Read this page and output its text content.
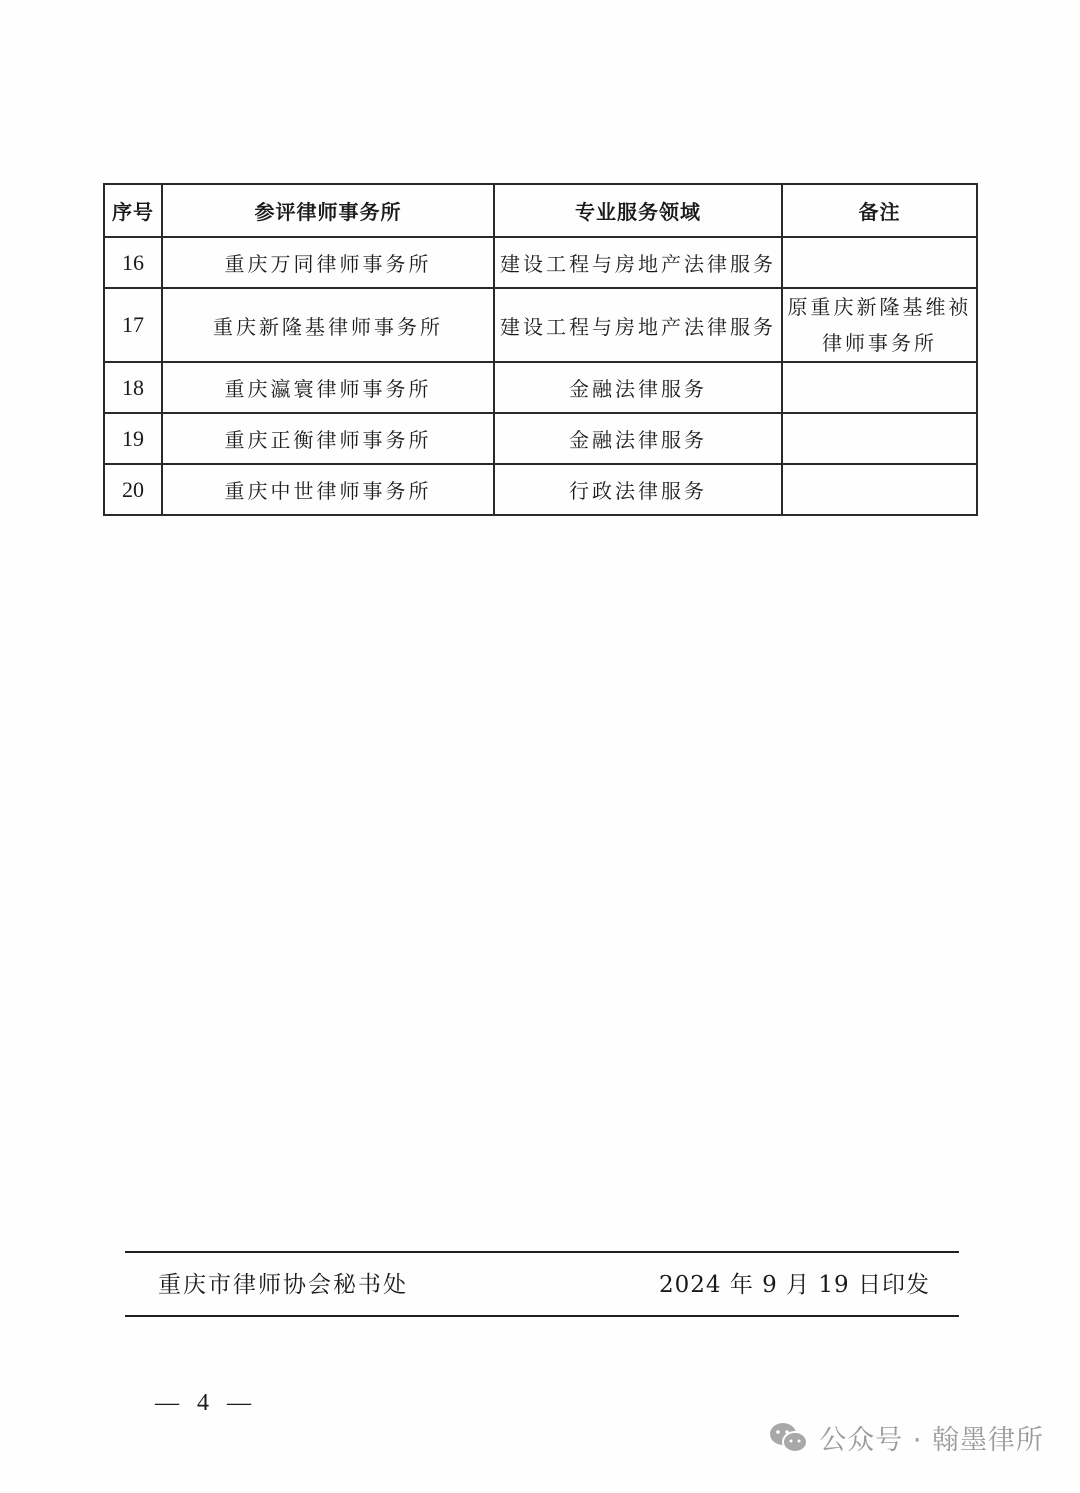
序号	参评律师事务所	专业服务领域	备注
16	重庆万同律师事务所	建设工程与房地产法律服务	
17	重庆新隆基律师事务所	建设工程与房地产法律服务	原重庆新隆基维祯
律师事务所

18	重庆瀛寰律师事务所	金融法律服务	
19	重庆正衡律师事务所	金融法律服务	
20	重庆中世律师事务所	行政法律服务	
重庆市律师协会秘书处	2024 年 9 月 19 日印发
— 4 —
公众号 · 翰墨律所
